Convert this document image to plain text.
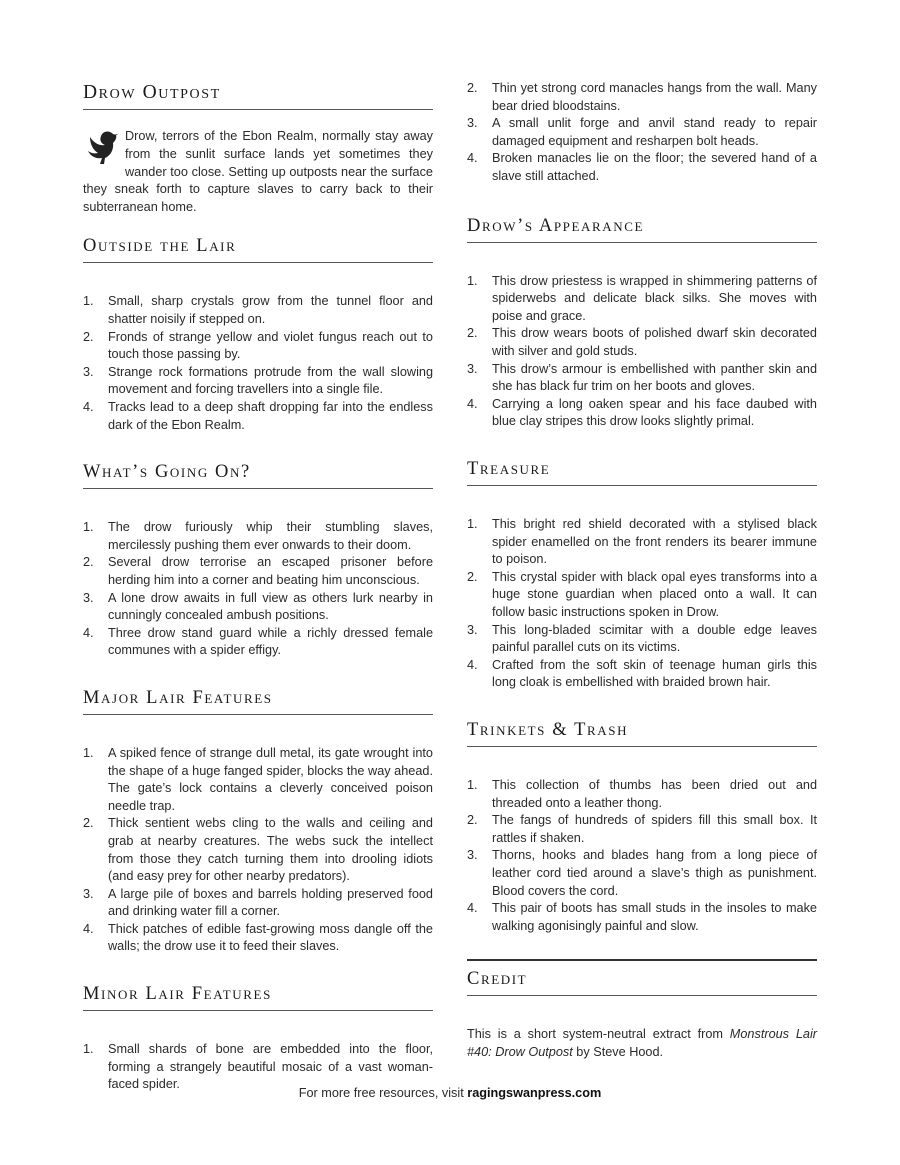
Drow Outpost

Drow, terrors of the Ebon Realm, normally stay away from the sunlit surface lands yet sometimes they wander too close. Setting up outposts near the surface they sneak forth to capture slaves to carry back to their subterranean home.

Outside the Lair
1. Small, sharp crystals grow from the tunnel floor and shatter noisily if stepped on.
2. Fronds of strange yellow and violet fungus reach out to touch those passing by.
3. Strange rock formations protrude from the wall slowing movement and forcing travellers into a single file.
4. Tracks lead to a deep shaft dropping far into the endless dark of the Ebon Realm.
What’s Going On?
1. The drow furiously whip their stumbling slaves, mercilessly pushing them ever onwards to their doom.
2. Several drow terrorise an escaped prisoner before herding him into a corner and beating him unconscious.
3. A lone drow awaits in full view as others lurk nearby in cunningly concealed ambush positions.
4. Three drow stand guard while a richly dressed female communes with a spider effigy.
Major Lair Features
1. A spiked fence of strange dull metal, its gate wrought into the shape of a huge fanged spider, blocks the way ahead. The gate’s lock contains a cleverly conceived poison needle trap.
2. Thick sentient webs cling to the walls and ceiling and grab at nearby creatures. The webs suck the intellect from those they catch turning them into drooling idiots (and easy prey for other nearby predators).
3. A large pile of boxes and barrels holding preserved food and drinking water fill a corner.
4. Thick patches of edible fast-growing moss dangle off the walls; the drow use it to feed their slaves.
Minor Lair Features
1. Small shards of bone are embedded into the floor, forming a strangely beautiful mosaic of a vast woman-faced spider.
2. Thin yet strong cord manacles hangs from the wall. Many bear dried bloodstains.
3. A small unlit forge and anvil stand ready to repair damaged equipment and resharpen bolt heads.
4. Broken manacles lie on the floor; the severed hand of a slave still attached.
Drow’s Appearance
1. This drow priestess is wrapped in shimmering patterns of spiderwebs and delicate black silks. She moves with poise and grace.
2. This drow wears boots of polished dwarf skin decorated with silver and gold studs.
3. This drow’s armour is embellished with panther skin and she has black fur trim on her boots and gloves.
4. Carrying a long oaken spear and his face daubed with blue clay stripes this drow looks slightly primal.
Treasure
1. This bright red shield decorated with a stylised black spider enamelled on the front renders its bearer immune to poison.
2. This crystal spider with black opal eyes transforms into a huge stone guardian when placed onto a wall. It can follow basic instructions spoken in Drow.
3. This long-bladed scimitar with a double edge leaves painful parallel cuts on its victims.
4. Crafted from the soft skin of teenage human girls this long cloak is embellished with braided brown hair.
Trinkets & Trash
1. This collection of thumbs has been dried out and threaded onto a leather thong.
2. The fangs of hundreds of spiders fill this small box. It rattles if shaken.
3. Thorns, hooks and blades hang from a long piece of leather cord tied around a slave’s thigh as punishment. Blood covers the cord.
4. This pair of boots has small studs in the insoles to make walking agonisingly painful and slow.
Credit

This is a short system-neutral extract from Monstrous Lair #40: Drow Outpost by Steve Hood.

For more free resources, visit ragingswanpress.com
